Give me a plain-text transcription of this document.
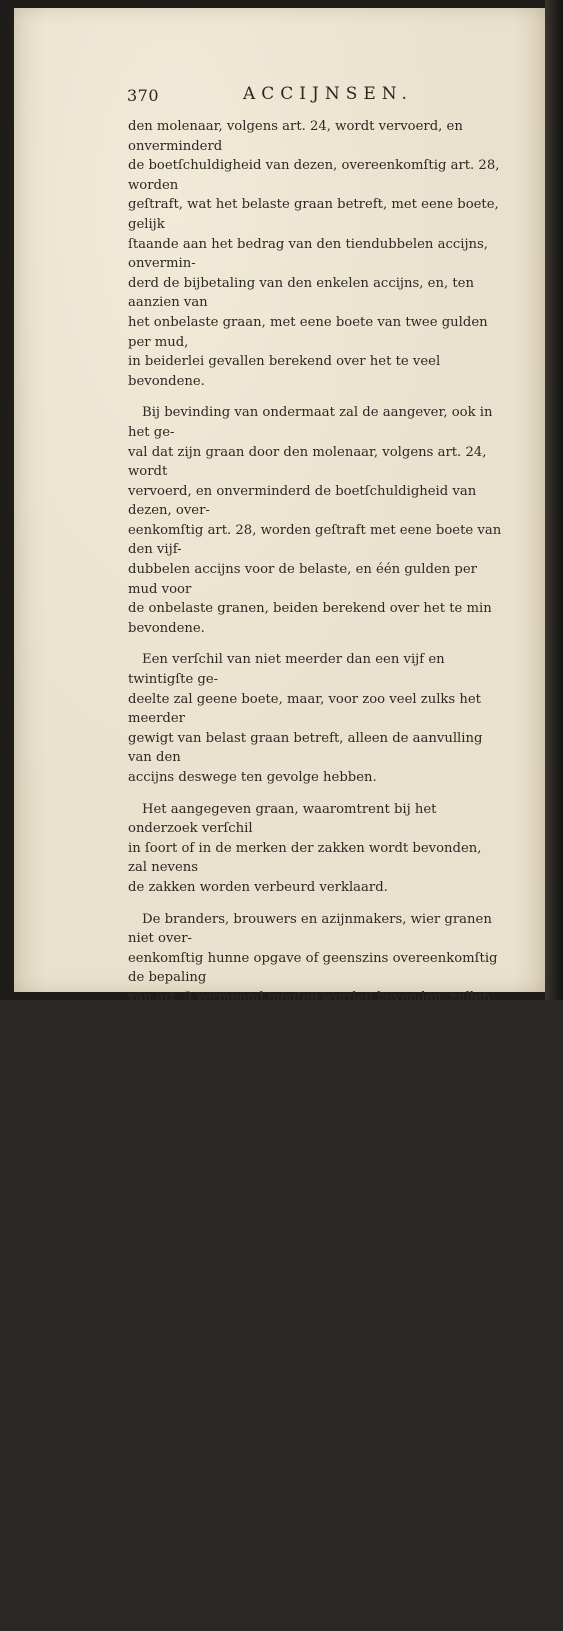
370	ACCIJNSEN.

den molenaar, volgens art. 24, wordt vervoerd, en onverminderd
de boetſchuldigheid van dezen, overeenkomſtig art. 28, worden
geſtraft, wat het belaste graan betreft, met eene boete, gelijk
ſtaande aan het bedrag van den tiendubbelen accijns, onvermin-
derd de bijbetaling van den enkelen accijns, en, ten aanzien van
het onbelaste graan, met eene boete van twee gulden per mud,
in beiderlei gevallen berekend over het te veel bevondene.

Bij bevinding van ondermaat zal de aangever, ook in het ge-
val dat zijn graan door den molenaar, volgens art. 24, wordt
vervoerd, en onverminderd de boetſchuldigheid van dezen, over-
eenkomſtig art. 28, worden geſtraft met eene boete van den vijf-
dubbelen accijns voor de belaste, en één gulden per mud voor
de onbelaste granen, beiden berekend over het te min bevondene.

Een verſchil van niet meerder dan een vijf en twintigſte ge-
deelte zal geene boete, maar, voor zoo veel zulks het meerder
gewigt van belast graan betreft, alleen de aanvulling van den
accijns deswege ten gevolge hebben.

Het aangegeven graan, waaromtrent bij het onderzoek verſchil
in ſoort of in de merken der zakken wordt bevonden, zal nevens
de zakken worden verbeurd verklaard.

De branders, brouwers en azijnmakers, wier granen niet over-
eenkomſtig hunne opgave of geenszins overeenkomſtig de bepaling
van art. 3 vermengd mogten worden bevonden, zullen verbeuren
eene boete van 20 centen voor elk pond, welke boete echter in
het eerstgemelde geval, bij een verſchil van niet meer dan een
vijf en twintigſte gedeelte, geenszins van toepaſsing zal zijn.

De merken zullen op de zakken in olieverw moeten zijn en
enkel aan dezer buitenzijde mogen worden geſteld, op verbeurte
van het daarin zich bevindende graan, nevens de zakken.

Art. 5. Na de gedane aangifte van aan den accijns onderwor-
pen graan, en de voldoening van den accijns deswege, zal door
den ontvanger worden afgegeven eene quitantie van betaalden ac-
cijns, en dubbel van dien, beiden inhoudende den dag, de dag-
teekening en het uur der afgifte, de hoeveelheid en de ſoort van
het graan, het bedrag van den accijns, de merken en het getal
der zakken, den naam van den perſoon, voor wien, en den mo-
len, op welken de belanghebbende heeft aangegeven, dat het graan
zal worden gemalen.
